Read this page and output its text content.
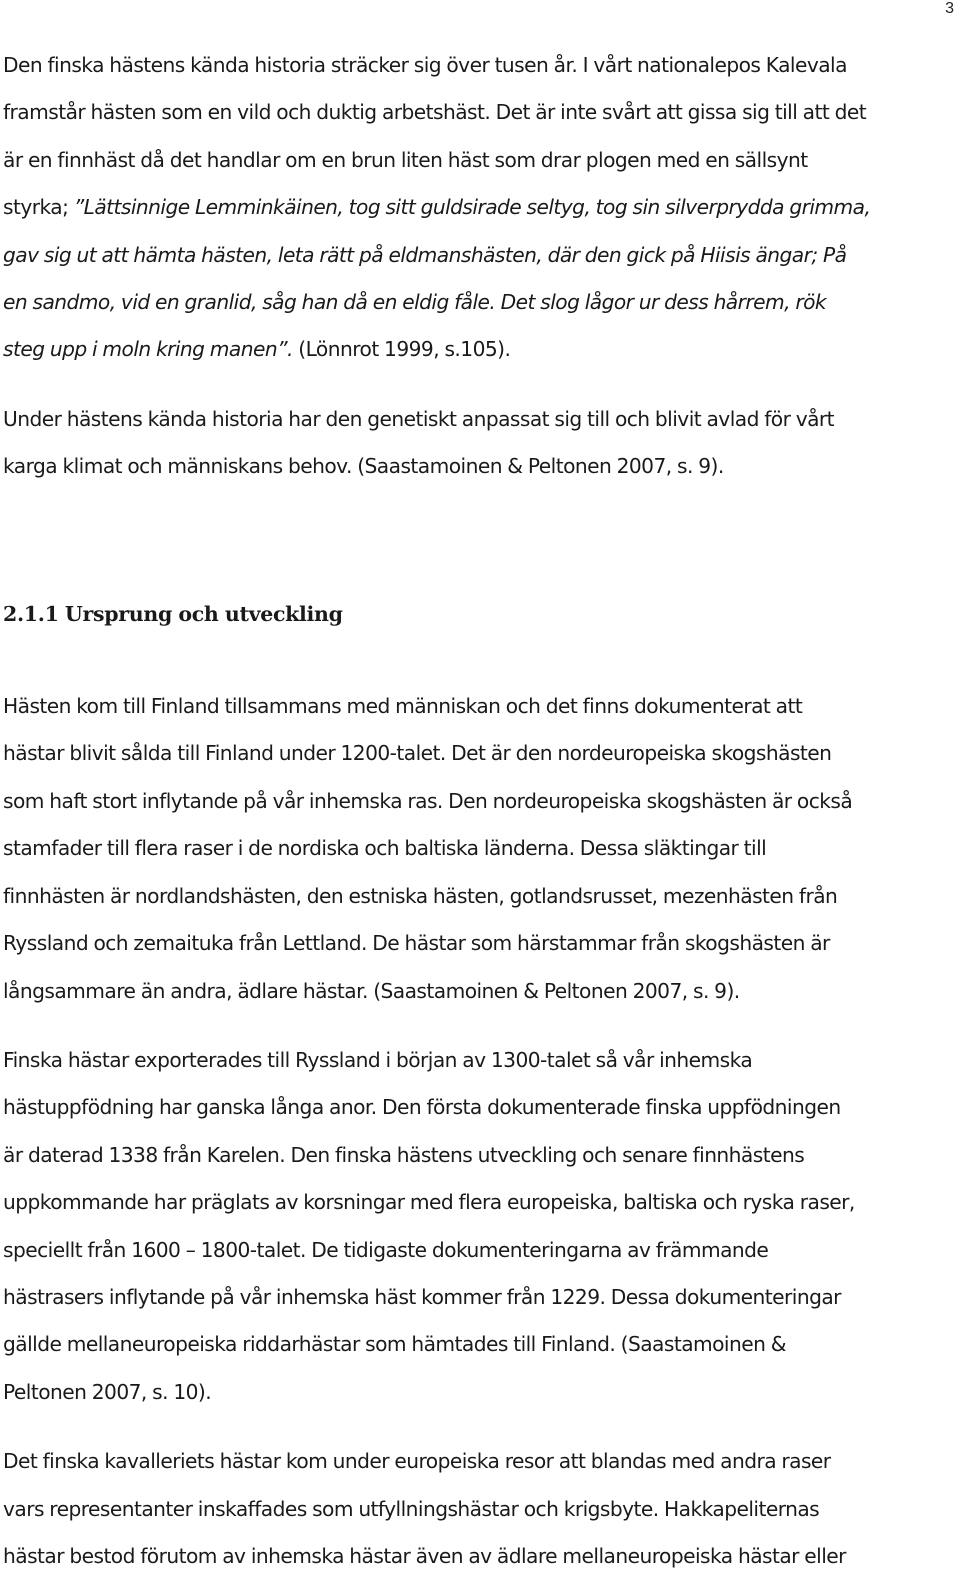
3

Den finska hästens kända historia sträcker sig över tusen år. I vårt nationalepos Kalevala
framstår hästen som en vild och duktig arbetshäst. Det är inte svårt att gissa sig till att det
är en finnhäst då det handlar om en brun liten häst som drar plogen med en sällsynt
styrka; ”Lättsinnige Lemminkäinen, tog sitt guldsirade seltyg, tog sin silverprydda grimma,
gav sig ut att hämta hästen, leta rätt på eldmanshästen, där den gick på Hiisis ängar; På
en sandmo, vid en granlid, såg han då en eldig fåle. Det slog lågor ur dess hårrem, rök
steg upp i moln kring manen”. (Lönnrot 1999, s.105).

Under hästens kända historia har den genetiskt anpassat sig till och blivit avlad för vårt
karga klimat och människans behov. (Saastamoinen & Peltonen 2007, s. 9).

2.1.1 Ursprung och utveckling

Hästen kom till Finland tillsammans med människan och det finns dokumenterat att
hästar blivit sålda till Finland under 1200-talet. Det är den nordeuropeiska skogshästen
som haft stort inflytande på vår inhemska ras. Den nordeuropeiska skogshästen är också
stamfader till flera raser i de nordiska och baltiska länderna. Dessa släktingar till
finnhästen är nordlandshästen, den estniska hästen, gotlandsrusset, mezenhästen från
Ryssland och zemaituka från Lettland. De hästar som härstammar från skogshästen är
långsammare än andra, ädlare hästar. (Saastamoinen & Peltonen 2007, s. 9).

Finska hästar exporterades till Ryssland i början av 1300-talet så vår inhemska
hästuppfödning har ganska långa anor. Den första dokumenterade finska uppfödningen
är daterad 1338 från Karelen. Den finska hästens utveckling och senare finnhästens
uppkommande har präglats av korsningar med flera europeiska, baltiska och ryska raser,
speciellt från 1600 – 1800-talet. De tidigaste dokumenteringarna av främmande
hästrasers inflytande på vår inhemska häst kommer från 1229. Dessa dokumenteringar
gällde mellaneuropeiska riddarhästar som hämtades till Finland. (Saastamoinen &
Peltonen 2007, s. 10).

Det finska kavalleriets hästar kom under europeiska resor att blandas med andra raser
vars representanter inskaffades som utfyllningshästar och krigsbyte. Hakkapeliternas
hästar bestod förutom av inhemska hästar även av ädlare mellaneuropeiska hästar eller
